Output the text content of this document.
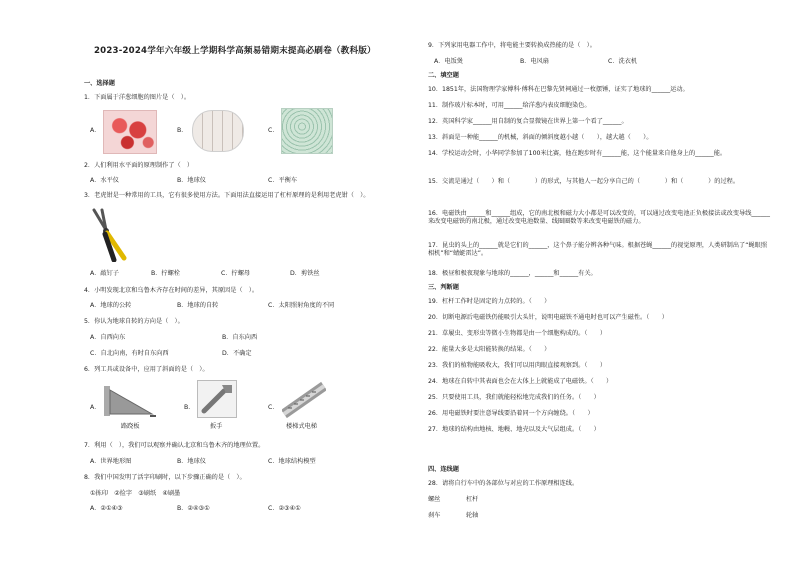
2023-2024学年六年级上学期科学高频易错期末提高必刷卷（教科版）
一、选择题
1．下面属于洋葱细胞的图片是（　）。
A．	B．	C．
2．人们利用水平面的原理制作了（　）
A．水平仪	B．地球仪	C．平衡车
3．老虎钳是一种常用的工具，它有很多使用方法。下面用法直接运用了杠杆原理的是利用老虎钳（　）。
A．敲钉子	B．拧螺栓	C．拧螺母	D．剪铁丝
4．小明发现北京和乌鲁木齐存在时间的差异，其原因是（　）。
A．地球的公转	B．地球的自转	C．太阳照射角度的不同
5．你认为地球自转的方向是（　）。
A．自西向东	B．自东向西
C．自北向南，有时自东向西	D．不确定
6．列工具或设备中，应用了斜面的是（　）。
A．
路跷板
B．
扳手
C．
楼梯式电梯
7．利用（　），我们可以观察并确认北京和乌鲁木齐的地理位置。
A．世界地形图	B．地球仪	C．地球结构模型
8．我们中国发明了活字印刷时，以下步骤正确的是（　）。
①拣印　②捡字　③刷纸　④刷墨
A．②①④③	B．②④③①	C．②③④①
9．下列家用电器工作中，将电能主要转换成热能的是（　）。
A．电饭煲	B．电风扇	C．洗衣机
二、填空题
10．1851年，法国物理学家傅科·傅科在巴黎先贤祠通过一枚摆锤，证实了地球的______运动。
11．制作玻片标本时，可用______给洋葱内表皮细胞染色。
12．英国科学家______用自制的复合显微镜在世界上第一个看了______。
13．斜面是一种能______的机械，斜面的倾斜度越小越（　　），越大越（　　）。
14．学校运动会时，小华同学参加了100米比赛，他在跑步时有______能，这个能量来自他身上的______能。
15．交流是通过（　　）和（　　　　）的形式，与其他人一起分享自己的（　　　　）和（　　　　）的过程。
16．电磁铁由______和______组成，它的南北极和磁力大小都是可以改变的，可以通过改变电池正负极接法或改变导线______来改变电磁铁的南北极，通过改变电池数量、线圈圈数等来改变电磁铁的磁力。
17．昆虫的头上的______就是它们的______，这个鼻子能分辨各种气味。根据苍蝇______的视觉原理，人类研制出了“蝇眼照相机”和“蜻蜓雷达”。
18．极昼和极夜现象与地球的______，______和______有关。
三、判断题
19．杠杆工作时是固定的力点转的。（　　）
20．切断电源后电磁铁仍能吸引大头针，说明电磁铁不通电时也可以产生磁性。（　　）
21．草履虫、变形虫等微小生物都是由一个细胞构成的。（　　）
22．能量大多是太阳能转换的结果。（　　）
23．我们的植物能吸收大，我们可以用肉眼直接观察到。（　　）
24．地球在自转中其表面也会在大体上上就能成了电磁铁。（　　）
25．只要使用工具，我们就能轻松地完成我们的任务。（　　）
26．用电磁铁时要注意导线要沿着同一个方向缠绕。（　　）
27．地球的结构由地核、地幔、地壳以及大气层组成。（　　）
四、连线题
28．请将自行车中的各部位与对应的工作原理相连线。
螺丝	杠杆
刹车	轮轴
